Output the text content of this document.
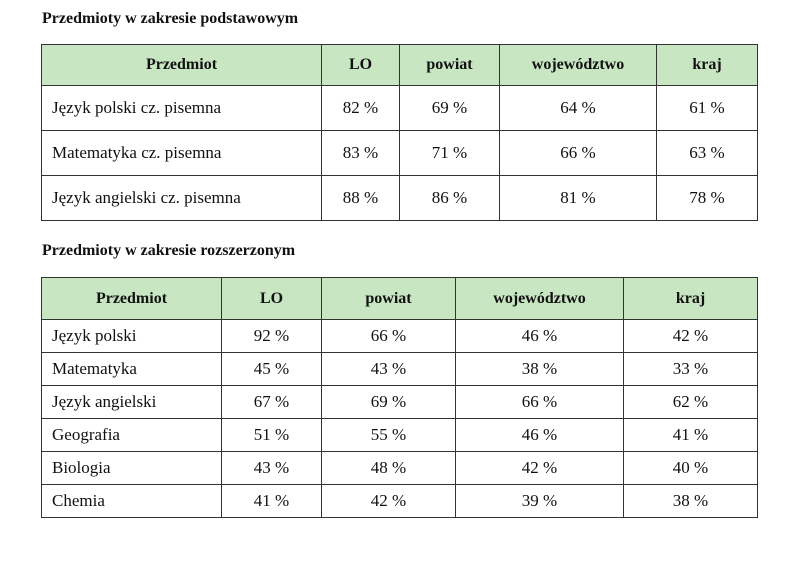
Przedmioty w zakresie podstawowym
Przedmiot	LO	powiat	województwo	kraj
Język polski cz. pisemna	82 %	69 %	64 %	61 %
Matematyka cz. pisemna	83 %	71 %	66 %	63 %
Język angielski cz. pisemna	88 %	86 %	81 %	78 %
Przedmioty w zakresie rozszerzonym
Przedmiot	LO	powiat	województwo	kraj
Język polski	92 %	66 %	46 %	42 %
Matematyka	45 %	43 %	38 %	33 %
Język angielski	67 %	69 %	66 %	62 %
Geografia	51 %	55 %	46 %	41 %
Biologia	43 %	48 %	42 %	40 %
Chemia	41 %	42 %	39 %	38 %
